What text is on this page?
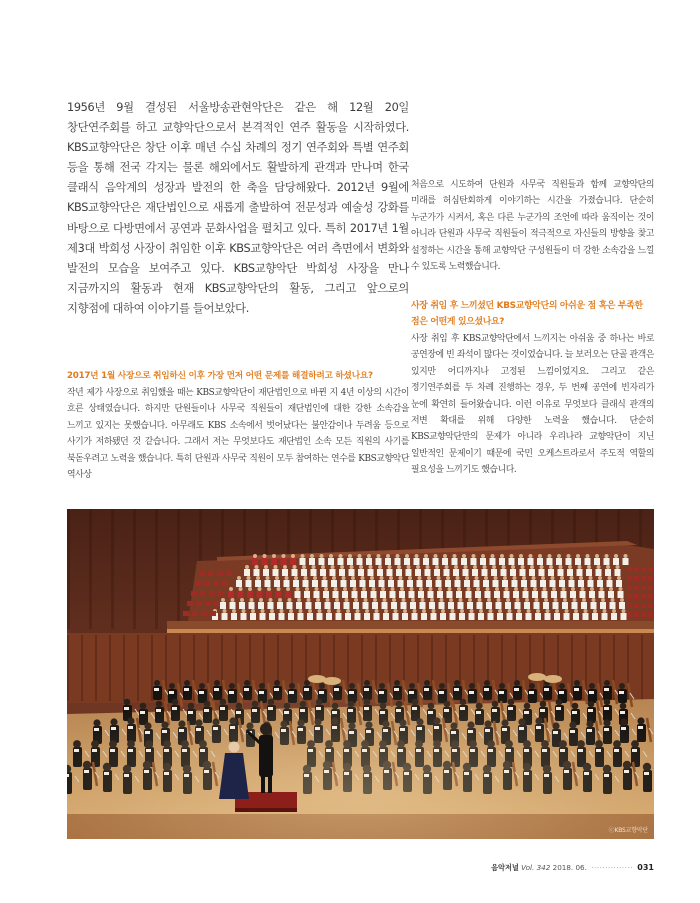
1956년 9월 결성된 서울방송관현악단은 같은 해 12월 20일 창단연주회를 하고 교향악단으로서 본격적인 연주 활동을 시작하였다. KBS교향악단은 창단 이후 매년 수십 차례의 정기 연주회와 특별 연주회 등을 통해 전국 각지는 물론 해외에서도 활발하게 관객과 만나며 한국 클래식 음악계의 성장과 발전의 한 축을 담당해왔다. 2012년 9월에 KBS교향악단은 재단법인으로 새롭게 출발하여 전문성과 예술성 강화를 바탕으로 다방면에서 공연과 문화사업을 펼치고 있다. 특히 2017년 1월 제3대 박희성 사장이 취임한 이후 KBS교향악단은 여러 측면에서 변화와 발전의 모습을 보여주고 있다. KBS교향악단 박희성 사장을 만나 지금까지의 활동과 현재 KBS교향악단의 활동, 그리고 앞으로의 지향점에 대하여 이야기를 들어보았다.
2017년 1월 사장으로 취임하신 이후 가장 먼저 어떤 문제를 해결하려고 하셨나요?
작년 제가 사장으로 취임했을 때는 KBS교향악단이 재단법인으로 바뀐 지 4년 이상의 시간이 흐른 상태였습니다. 하지만 단원들이나 사무국 직원들이 재단법인에 대한 강한 소속감을 느끼고 있지는 못했습니다. 아무래도 KBS 소속에서 벗어났다는 불안감이나 두려움 등으로 사기가 저하됐던 것 같습니다. 그래서 저는 무엇보다도 재단법인 소속 모든 직원의 사기를 북돋우려고 노력을 했습니다. 특히 단원과 사무국 직원이 모두 참여하는 연수를 KBS교향악단 역사상
처음으로 시도하여 단원과 사무국 직원들과 함께 교향악단의 미래를 허심탄회하게 이야기하는 시간을 가졌습니다. 단순히 누군가가 시켜서, 혹은 다른 누군가의 조언에 따라 움직이는 것이 아니라 단원과 사무국 직원들이 적극적으로 자신들의 방향을 찾고 설정하는 시간을 통해 교향악단 구성원들이 더 강한 소속감을 느낄 수 있도록 노력했습니다.
사장 취임 후 느끼셨던 KBS교향악단의 아쉬운 점 혹은 부족한 점은 어떤게 있으셨나요?
사장 취임 후 KBS교향악단에서 느끼지는 아쉬움 중 하나는 바로 공연장에 빈 좌석이 많다는 것이었습니다. 늘 보러오는 단골 관객은 있지만 어디까지나 고정된 느낌이었지요. 그리고 같은 정기연주회를 두 차례 진행하는 경우, 두 번째 공연에 빈자리가 눈에 확연히 들어왔습니다. 이런 이유로 무엇보다 클래식 관객의 저변 확대를 위해 다양한 노력을 했습니다. 단순히 KBS교향악단만의 문제가 아니라 우리나라 교향악단이 지닌 일반적인 문제이기 때문에 국민 오케스트라로서 주도적 역할의 필요성을 느끼기도 했습니다.
ⓒKBS교향악단
음악저널 Vol. 342 2018. 06. ··············· 031
